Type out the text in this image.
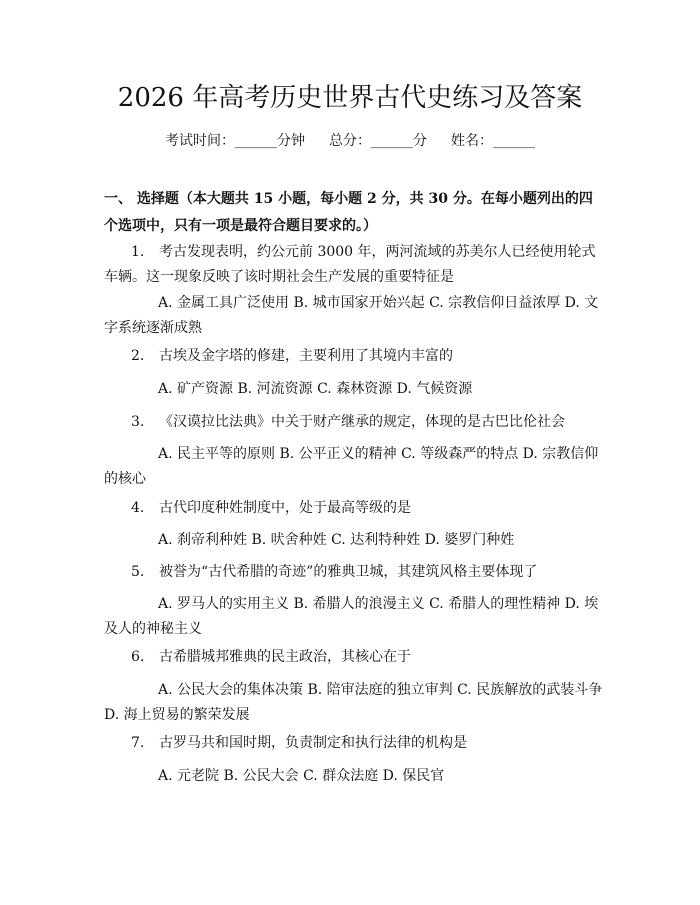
2026 年高考历史世界古代史练习及答案
考试时间：______分钟 总分：______分 姓名：______
一、 选择题（本大题共 15 小题，每小题 2 分，共 30 分。在每小题列出的四个选项中，只有一项是最符合题目要求的。）
1. 考古发现表明，约公元前 3000 年，两河流域的苏美尔人已经使用轮式车辆。这一现象反映了该时期社会生产发展的重要特征是
A. 金属工具广泛使用 B. 城市国家开始兴起 C. 宗教信仰日益浓厚 D. 文字系统逐渐成熟
2. 古埃及金字塔的修建，主要利用了其境内丰富的
A. 矿产资源 B. 河流资源 C. 森林资源 D. 气候资源
3. 《汉谟拉比法典》中关于财产继承的规定，体现的是古巴比伦社会
A. 民主平等的原则 B. 公平正义的精神 C. 等级森严的特点 D. 宗教信仰的核心
4. 古代印度种姓制度中，处于最高等级的是
A. 刹帝利种姓 B. 吠舍种姓 C. 达利特种姓 D. 婆罗门种姓
5. 被誉为“古代希腊的奇迹”的雅典卫城，其建筑风格主要体现了
A. 罗马人的实用主义 B. 希腊人的浪漫主义 C. 希腊人的理性精神 D. 埃及人的神秘主义
6. 古希腊城邦雅典的民主政治，其核心在于
A. 公民大会的集体决策 B. 陪审法庭的独立审判 C. 民族解放的武装斗争 D. 海上贸易的繁荣发展
7. 古罗马共和国时期，负责制定和执行法律的机构是
A. 元老院 B. 公民大会 C. 群众法庭 D. 保民官
